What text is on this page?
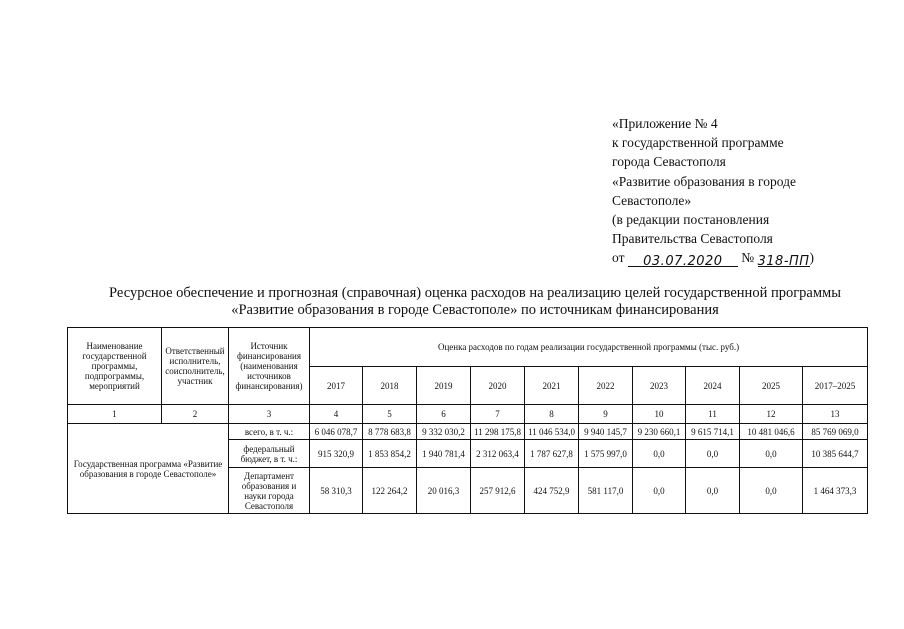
«Приложение № 4
к государственной программе
города Севастополя
«Развитие образования в городе
Севастополе»
(в редакции постановления
Правительства Севастополя
от 03.07.2020 № 318-ПП)
Ресурсное обеспечение и прогнозная (справочная) оценка расходов на реализацию целей государственной программы
«Развитие образования в городе Севастополе» по источникам финансирования
Наименование государственной программы, подпрограммы, мероприятий	Ответственный исполнитель, соисполнитель, участник	Источник финансирования (наименования источников финансирования)	Оценка расходов по годам реализации государственной программы (тыс. руб.)									
			2017	2018	2019	2020	2021	2022	2023	2024	2025	2017–2025
1	2	3	4	5	6	7	8	9	10	11	12	13
Государственная программа «Развитие образования в городе Севастополе»		всего, в т. ч.:	6 046 078,7	8 778 683,8	9 332 030,2	11 298 175,8	11 046 534,0	9 940 145,7	9 230 660,1	9 615 714,1	10 481 046,6	85 769 069,0
		федеральный бюджет, в т. ч.:	915 320,9	1 853 854,2	1 940 781,4	2 312 063,4	1 787 627,8	1 575 997,0	0,0	0,0	0,0	10 385 644,7
		Департамент образования и науки города Севастополя	58 310,3	122 264,2	20 016,3	257 912,6	424 752,9	581 117,0	0,0	0,0	0,0	1 464 373,3
